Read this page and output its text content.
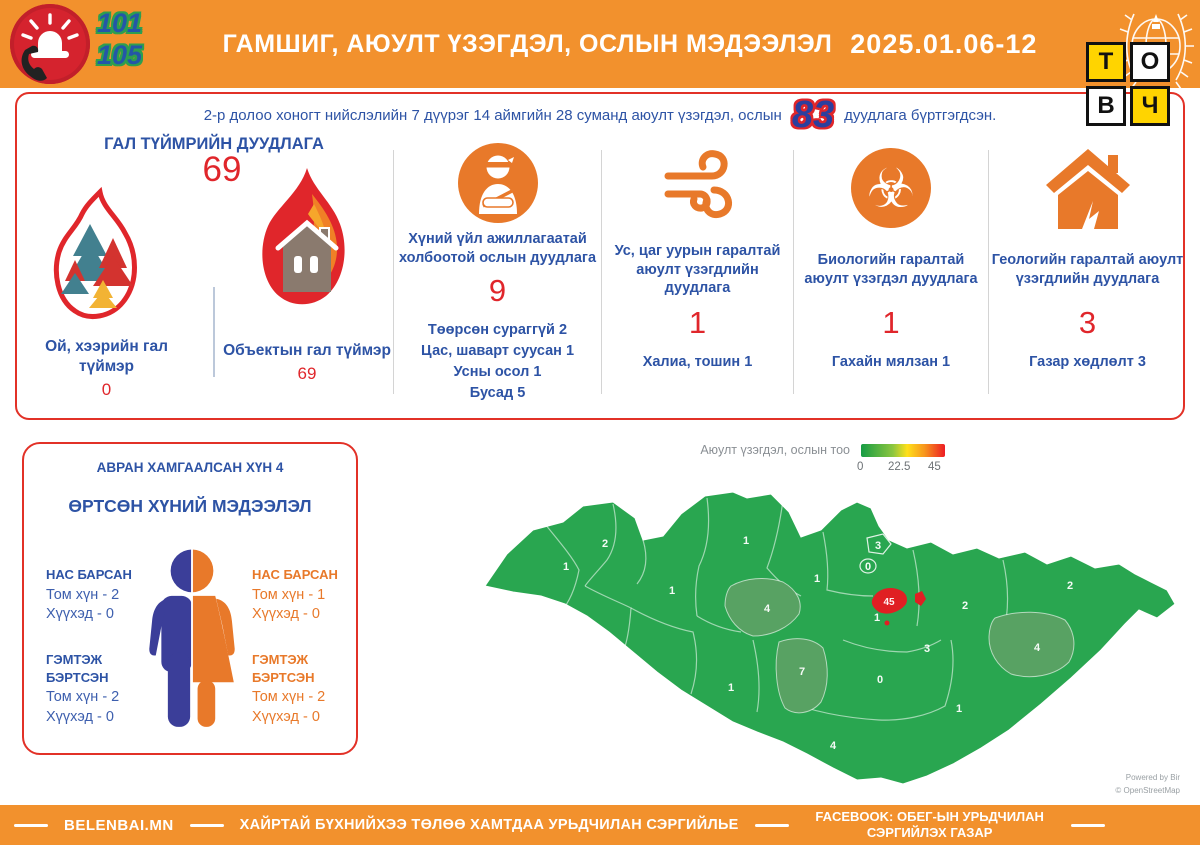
101
105	ГАМШИГ, АЮУЛТ ҮЗЭГДЭЛ, ОСЛЫН МЭДЭЭЛЭЛ 2025.01.06-12
Т	О
В	Ч
2-р долоо хоногт нийслэлийн 7 дүүрэг 14 аймгийн 28 суманд аюулт үзэгдэл, ослын 83 дуудлага бүртгэгдсэн.
ГАЛ ТҮЙМРИЙН ДУУДЛАГА
69
Ой, хээрийн гал түймэр
0
Объектын гал түймэр
69
Хүний үйл ажиллагаатай холбоотой ослын дуудлага
9
Төөрсөн сураггүй 2
Цас, шаварт суусан 1
Усны осол 1
Бусад 5
Ус, цаг уурын гаралтай аюулт үзэгдлийн дуудлага
1
Халиа, тошин 1
☣
Биологийн гаралтай аюулт үзэгдэл дуудлага
1
Гахайн мялзан 1
Геологийн гаралтай аюулт үзэгдлийн дуудлага
3
Газар хөдлөлт 3
АВРАН ХАМГААЛСАН ХҮН 4
ӨРТСӨН ХҮНИЙ МЭДЭЭЛЭЛ
НАС БАРСАН
Том хүн - 2
Хүүхэд - 0
НАС БАРСАН
Том хүн - 1
Хүүхэд - 0
ГЭМТЭЖ БЭРТСЭН
Том хүн - 2
Хүүхэд - 0
ГЭМТЭЖ БЭРТСЭН
Том хүн - 2
Хүүхэд - 0
Аюулт үзэгдэл, ослын тоо
0 22.5 45
1
2
3
1
1
1
1
1
4
7
3
0
45
1
2
2
4
3
0
4
1
Powered by Bir
© OpenStreetMap
BELENBAI.MN	ХАЙРТАЙ БҮХНИЙХЭЭ ТӨЛӨӨ ХАМТДАА УРЬДЧИЛАН СЭРГИЙЛЬЕ
FACEBOOK: ОБЕГ-ЫН УРЬДЧИЛАН СЭРГИЙЛЭХ ГАЗАР
